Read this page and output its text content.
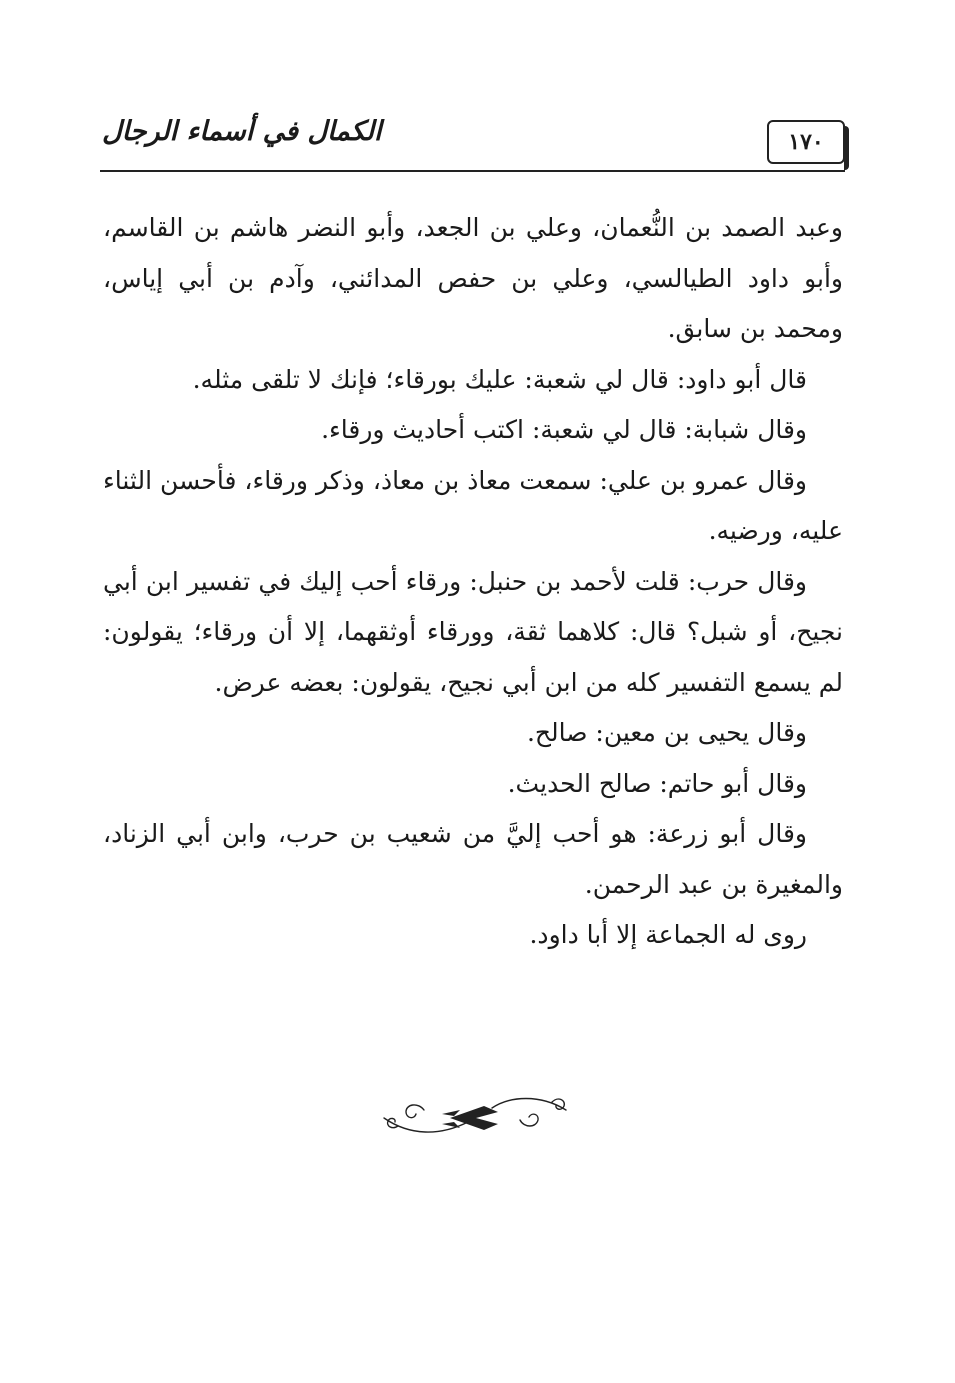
الكمال في أسماء الرجال	١٧٠

وعبد الصمد بن النُّعمان، وعلي بن الجعد، وأبو النضر هاشم بن القاسم، وأبو داود الطيالسي، وعلي بن حفص المدائني، وآدم بن أبي إياس، ومحمد بن سابق.

قال أبو داود: قال لي شعبة: عليك بورقاء؛ فإنك لا تلقى مثله.

وقال شبابة: قال لي شعبة: اكتب أحاديث ورقاء.

وقال عمرو بن علي: سمعت معاذ بن معاذ، وذكر ورقاء، فأحسن الثناء عليه، ورضيه.

وقال حرب: قلت لأحمد بن حنبل: ورقاء أحب إليك في تفسير ابن أبي نجيح، أو شبل؟ قال: كلاهما ثقة، وورقاء أوثقهما، إلا أن ورقاء؛ يقولون: لم يسمع التفسير كله من ابن أبي نجيح، يقولون: بعضه عرض.

وقال يحيى بن معين: صالح.

وقال أبو حاتم: صالح الحديث.

وقال أبو زرعة: هو أحب إليَّ من شعيب بن حرب، وابن أبي الزناد، والمغيرة بن عبد الرحمن.

روى له الجماعة إلا أبا داود.
